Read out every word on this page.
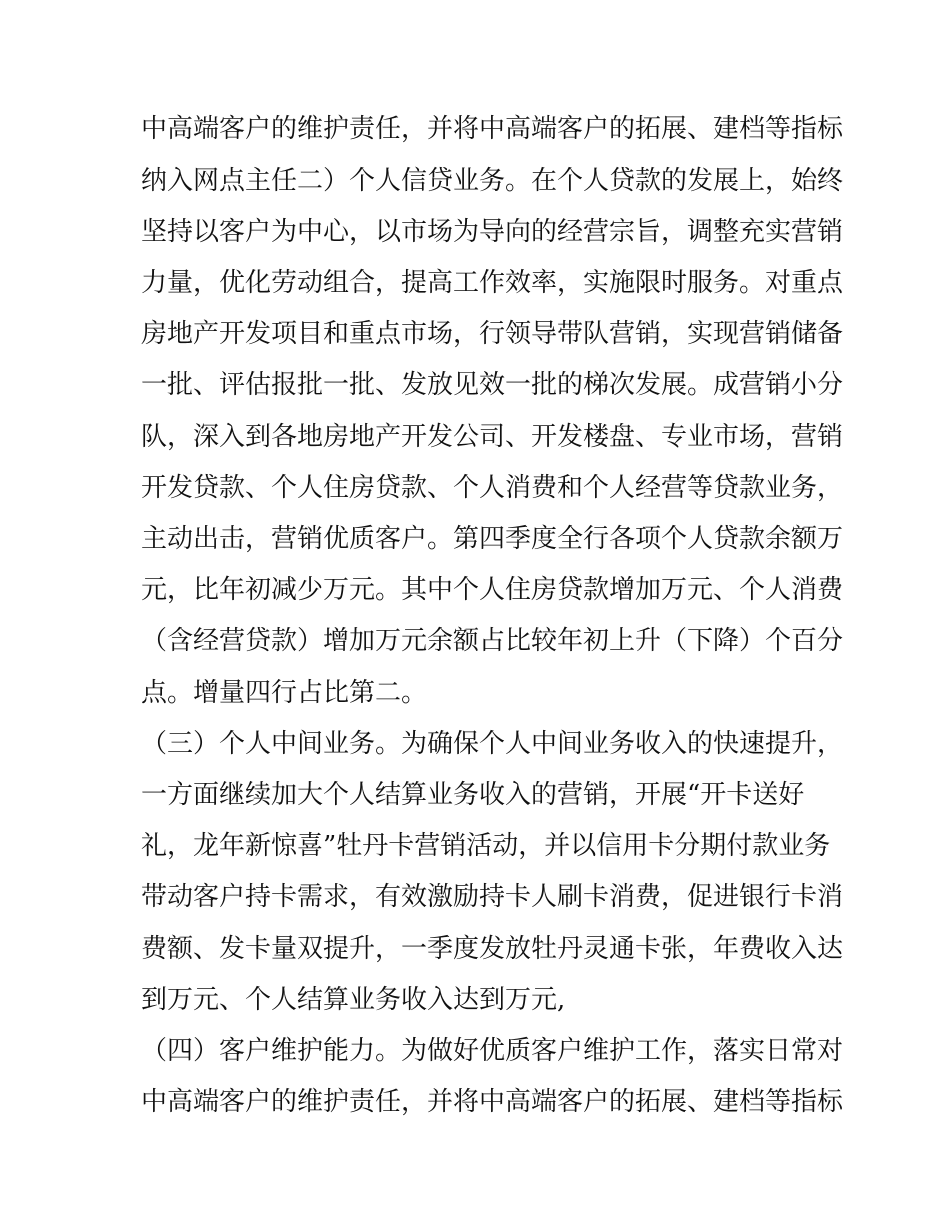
中高端客户的维护责任，并将中高端客户的拓展、建档等指标
纳入网点主任二）个人信贷业务。在个人贷款的发展上，始终
坚持以客户为中心，以市场为导向的经营宗旨，调整充实营销
力量，优化劳动组合，提高工作效率，实施限时服务。对重点
房地产开发项目和重点市场，行领导带队营销，实现营销储备
一批、评估报批一批、发放见效一批的梯次发展。成营销小分
队，深入到各地房地产开发公司、开发楼盘、专业市场，营销
开发贷款、个人住房贷款、个人消费和个人经营等贷款业务，
主动出击，营销优质客户。第四季度全行各项个人贷款余额万
元，比年初减少万元。其中个人住房贷款增加万元、个人消费
（含经营贷款）增加万元余额占比较年初上升（下降）个百分
点。增量四行占比第二。
（三）个人中间业务。为确保个人中间业务收入的快速提升，
一方面继续加大个人结算业务收入的营销，开展“开卡送好
礼，龙年新惊喜”牡丹卡营销活动，并以信用卡分期付款业务
带动客户持卡需求，有效激励持卡人刷卡消费，促进银行卡消
费额、发卡量双提升，一季度发放牡丹灵通卡张，年费收入达
到万元、个人结算业务收入达到万元,
（四）客户维护能力。为做好优质客户维护工作，落实日常对
中高端客户的维护责任，并将中高端客户的拓展、建档等指标
